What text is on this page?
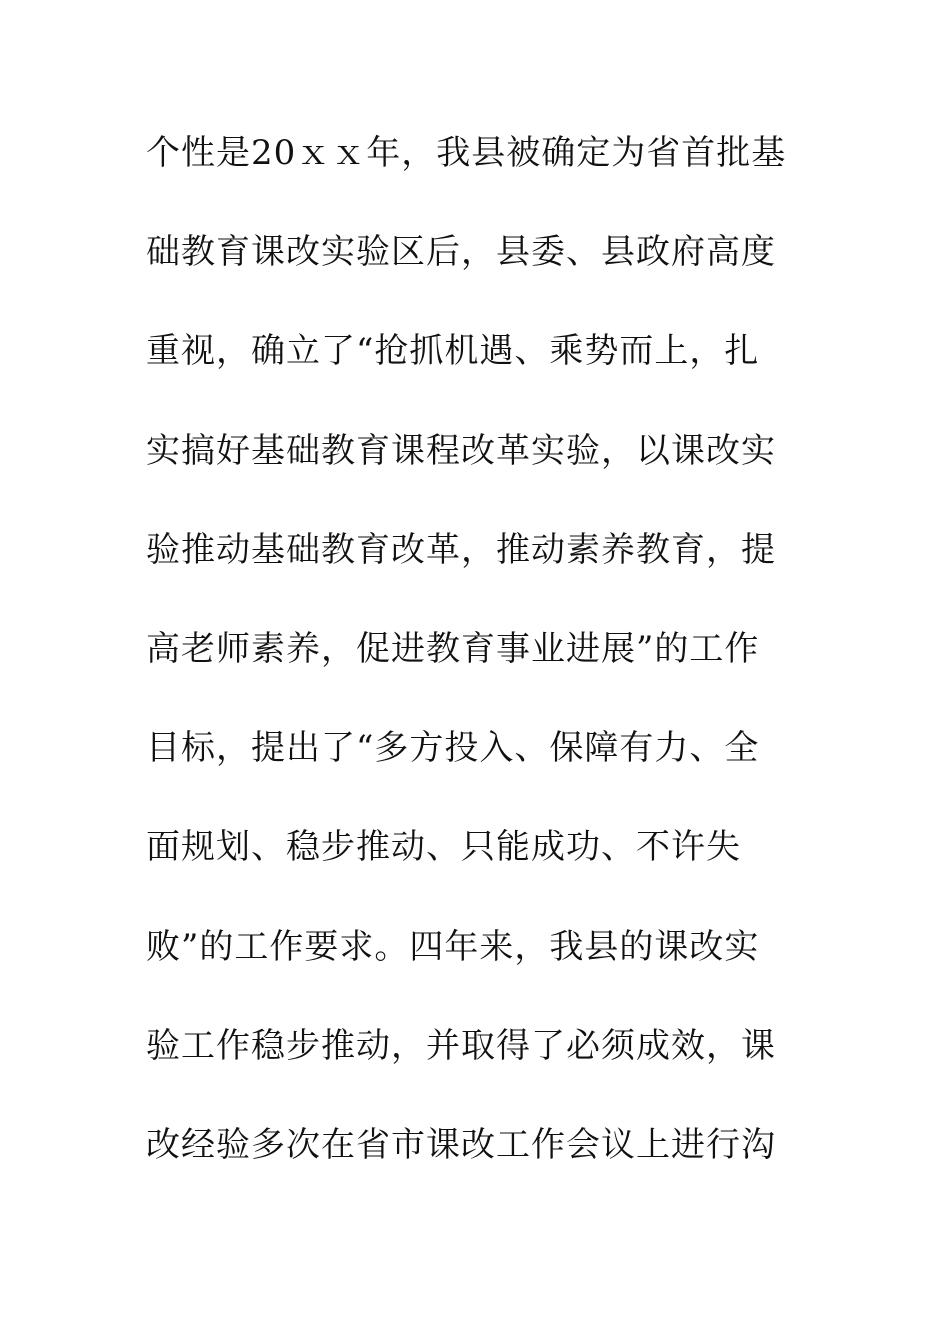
个性是20ｘｘ年，我县被确定为省首批基
础教育课改实验区后，县委、县政府高度
重视，确立了“抢抓机遇、乘势而上，扎
实搞好基础教育课程改革实验，以课改实
验推动基础教育改革，推动素养教育，提
高老师素养，促进教育事业进展”的工作
目标，提出了“多方投入、保障有力、全
面规划、稳步推动、只能成功、不许失
败”的工作要求。四年来，我县的课改实
验工作稳步推动，并取得了必须成效，课
改经验多次在省市课改工作会议上进行沟
